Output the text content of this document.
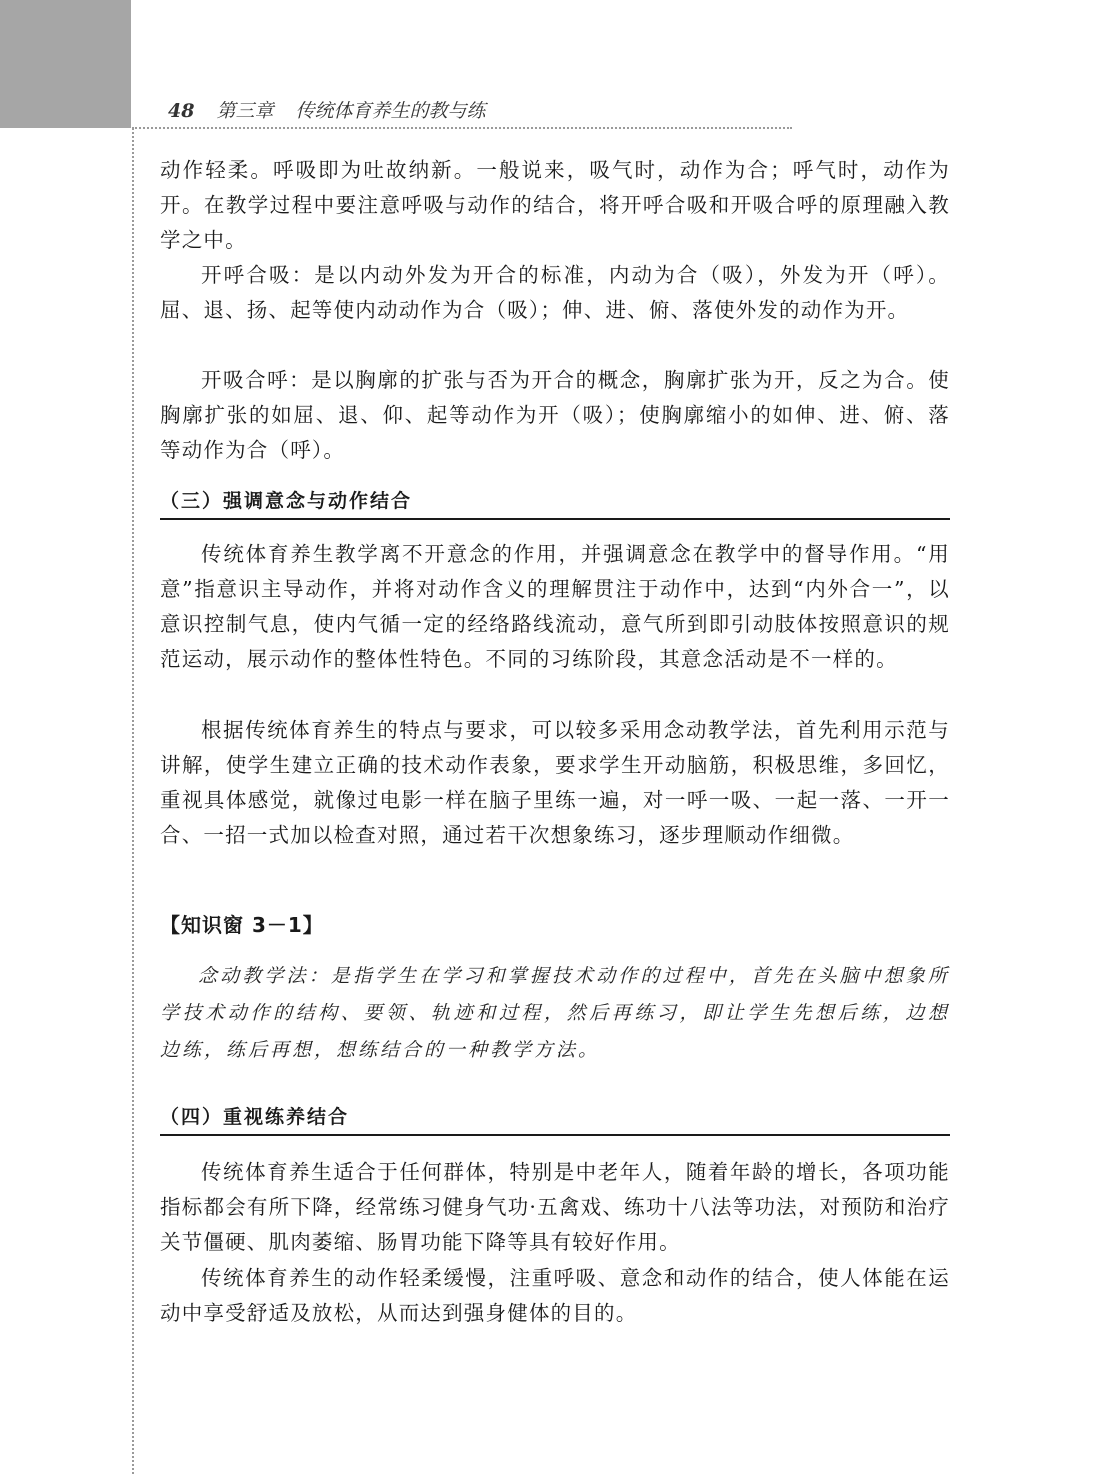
48 第三章 传统体育养生的教与练

动作轻柔。呼吸即为吐故纳新。一般说来，吸气时，动作为合；呼气时，动作为开。在教学过程中要注意呼吸与动作的结合，将开呼合吸和开吸合呼的原理融入教学之中。

开呼合吸：是以内动外发为开合的标准，内动为合（吸），外发为开（呼）。屈、退、扬、起等使内动动作为合（吸）；伸、进、俯、落使外发的动作为开。

开吸合呼：是以胸廓的扩张与否为开合的概念，胸廓扩张为开，反之为合。使胸廓扩张的如屈、退、仰、起等动作为开（吸）；使胸廓缩小的如伸、进、俯、落等动作为合（呼）。

（三）强调意念与动作结合

传统体育养生教学离不开意念的作用，并强调意念在教学中的督导作用。“用意”指意识主导动作，并将对动作含义的理解贯注于动作中，达到“内外合一”，以意识控制气息，使内气循一定的经络路线流动，意气所到即引动肢体按照意识的规范运动，展示动作的整体性特色。不同的习练阶段，其意念活动是不一样的。

根据传统体育养生的特点与要求，可以较多采用念动教学法，首先利用示范与讲解，使学生建立正确的技术动作表象，要求学生开动脑筋，积极思维，多回忆，重视具体感觉，就像过电影一样在脑子里练一遍，对一呼一吸、一起一落、一开一合、一招一式加以检查对照，通过若干次想象练习，逐步理顺动作细微。

【知识窗 3－1】

念动教学法：是指学生在学习和掌握技术动作的过程中，首先在头脑中想象所学技术动作的结构、要领、轨迹和过程，然后再练习，即让学生先想后练，边想边练，练后再想，想练结合的一种教学方法。

（四）重视练养结合

传统体育养生适合于任何群体，特别是中老年人，随着年龄的增长，各项功能指标都会有所下降，经常练习健身气功·五禽戏、练功十八法等功法，对预防和治疗关节僵硬、肌肉萎缩、肠胃功能下降等具有较好作用。

传统体育养生的动作轻柔缓慢，注重呼吸、意念和动作的结合，使人体能在运动中享受舒适及放松，从而达到强身健体的目的。
